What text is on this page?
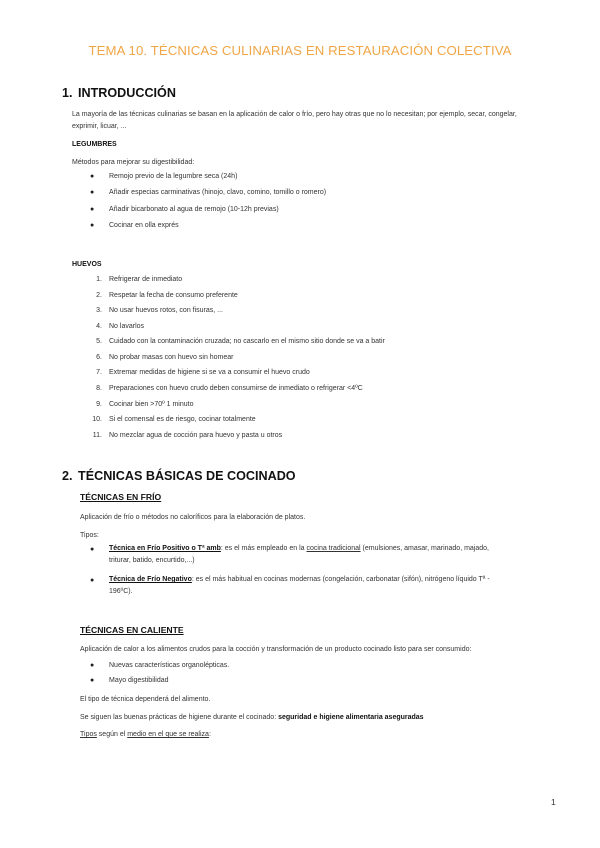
TEMA 10. TÉCNICAS CULINARIAS EN RESTAURACIÓN COLECTIVA
1. INTRODUCCIÓN

La mayoría de las técnicas culinarias se basan en la aplicación de calor o frío, pero hay otras que no lo necesitan; por ejemplo, secar, congelar, exprimir, licuar, ...

LEGUMBRES
Métodos para mejorar su digestibilidad:
● Remojo previo de la legumbre seca (24h)
● Añadir especias carminativas (hinojo, clavo, comino, tomillo o romero)
● Añadir bicarbonato al agua de remojo (10-12h previas)
● Cocinar en olla exprés
HUEVOS
1. Refrigerar de inmediato
2. Respetar la fecha de consumo preferente
3. No usar huevos rotos, con fisuras, ...
4. No lavarlos
5. Cuidado con la contaminación cruzada; no cascarlo en el mismo sitio donde se va a batir
6. No probar masas con huevo sin homear
7. Extremar medidas de higiene si se va a consumir el huevo crudo
8. Preparaciones con huevo crudo deben consumirse de inmediato o refrigerar <4ºC
9. Cocinar bien >70º 1 minuto
10. Si el comensal es de riesgo, cocinar totalmente
11. No mezclar agua de cocción para huevo y pasta u otros
2. TÉCNICAS BÁSICAS DE COCINADO
TÉCNICAS EN FRÍO
Aplicación de frío o métodos no caloríficos para la elaboración de platos.
Tipos:
● Técnica en Frío Positivo o Tª amb: es el más empleado en la cocina tradicional (emulsiones, amasar, marinado, majado,
triturar, batido, encurtido,...)
● Técnica de Frío Negativo: es el más habitual en cocinas modernas (congelación, carbonatar (sifón), nitrógeno líquido Tª -
196ºC).
TÉCNICAS EN CALIENTE
Aplicación de calor a los alimentos crudos para la cocción y transformación de un producto cocinado listo para ser consumido:
● Nuevas características organolépticas.
● Mayo digestibilidad
El tipo de técnica dependerá del alimento.
Se siguen las buenas prácticas de higiene durante el cocinado: seguridad e higiene alimentaria aseguradas
Tipos según el medio en el que se realiza:
1
